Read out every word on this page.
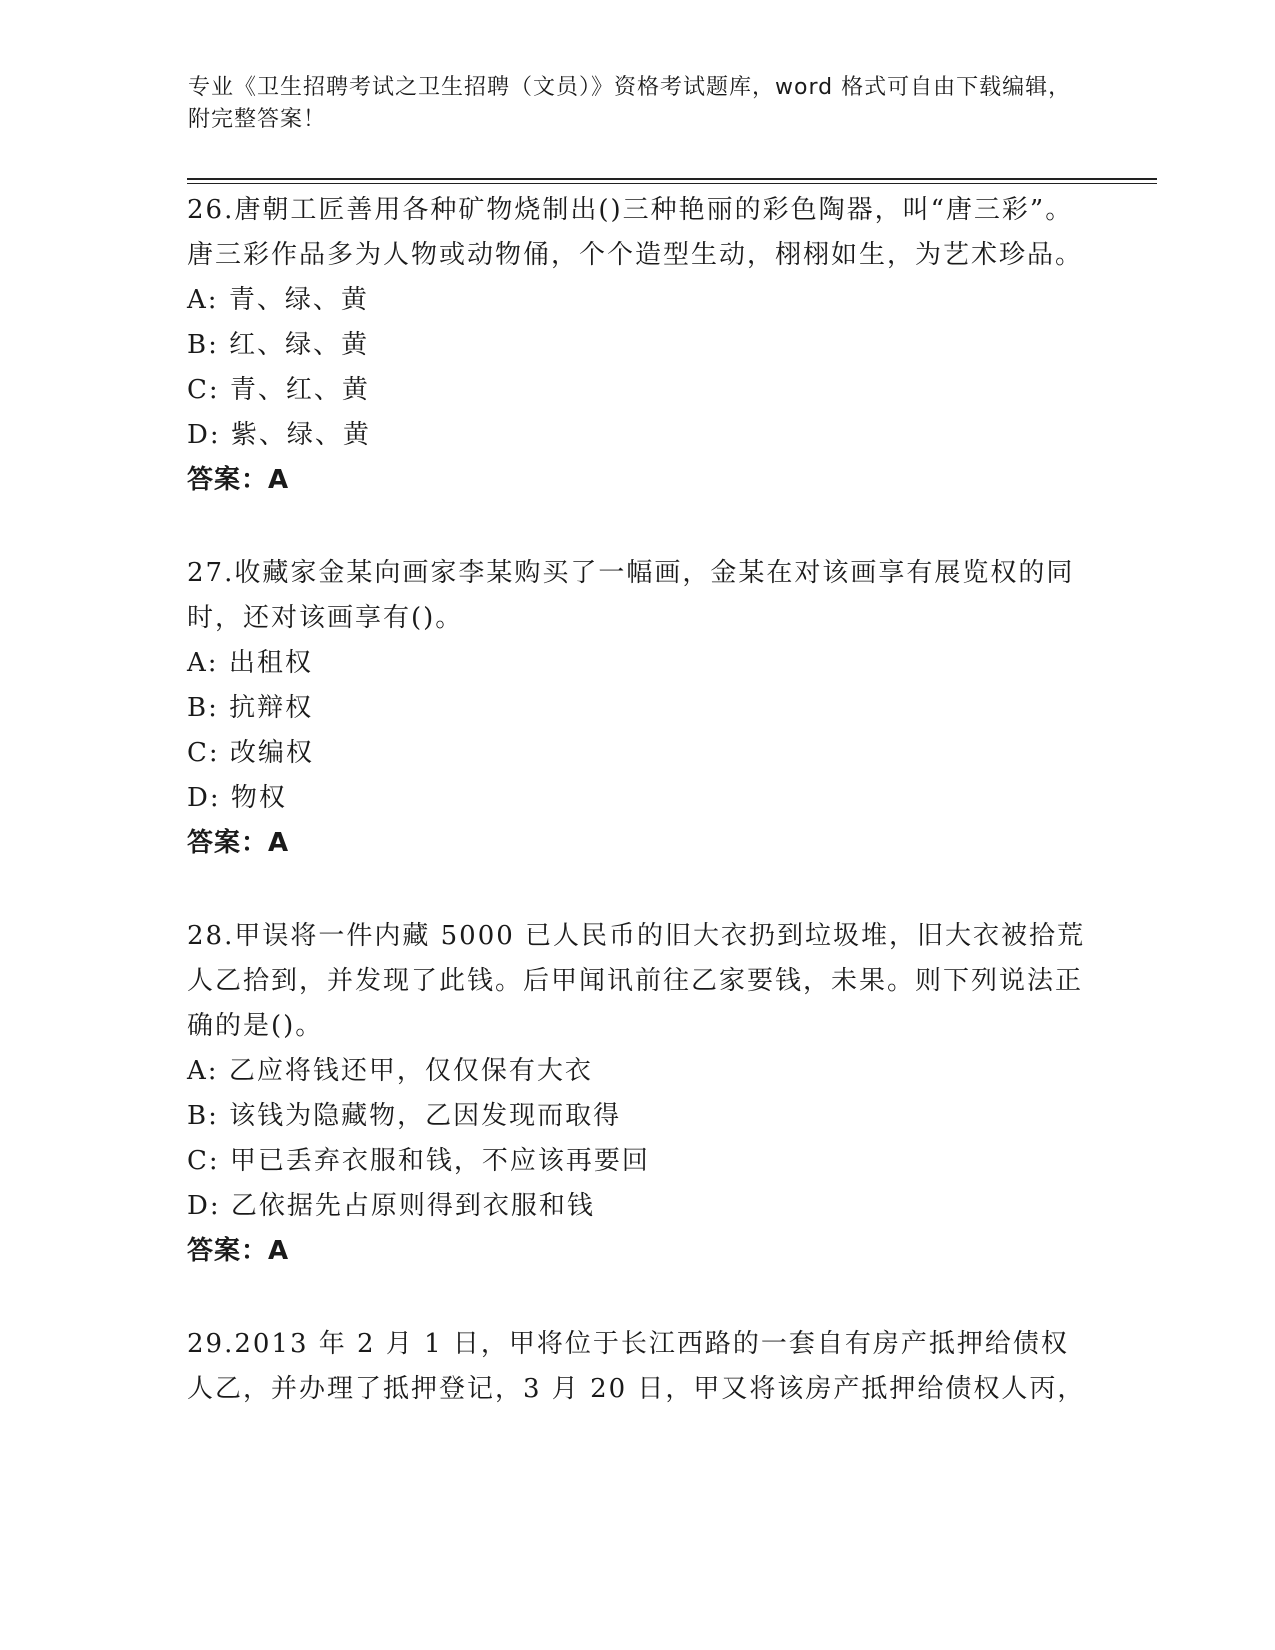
专业《卫生招聘考试之卫生招聘（文员）》资格考试题库，word 格式可自由下载编辑，附完整答案！
26.唐朝工匠善用各种矿物烧制出()三种艳丽的彩色陶器，叫“唐三彩”。唐三彩作品多为人物或动物俑，个个造型生动，栩栩如生，为艺术珍品。
A: 青、绿、黄
B: 红、绿、黄
C: 青、红、黄
D: 紫、绿、黄
答案：A
27.收藏家金某向画家李某购买了一幅画，金某在对该画享有展览权的同时，还对该画享有()。
A: 出租权
B: 抗辩权
C: 改编权
D: 物权
答案：A
28.甲误将一件内藏 5000 已人民币的旧大衣扔到垃圾堆，旧大衣被拾荒人乙拾到，并发现了此钱。后甲闻讯前往乙家要钱，未果。则下列说法正确的是()。
A: 乙应将钱还甲，仅仅保有大衣
B: 该钱为隐藏物，乙因发现而取得
C: 甲已丢弃衣服和钱，不应该再要回
D: 乙依据先占原则得到衣服和钱
答案：A
29.2013 年 2 月 1 日，甲将位于长江西路的一套自有房产抵押给债权人乙，并办理了抵押登记，3 月 20 日，甲又将该房产抵押给债权人丙，
